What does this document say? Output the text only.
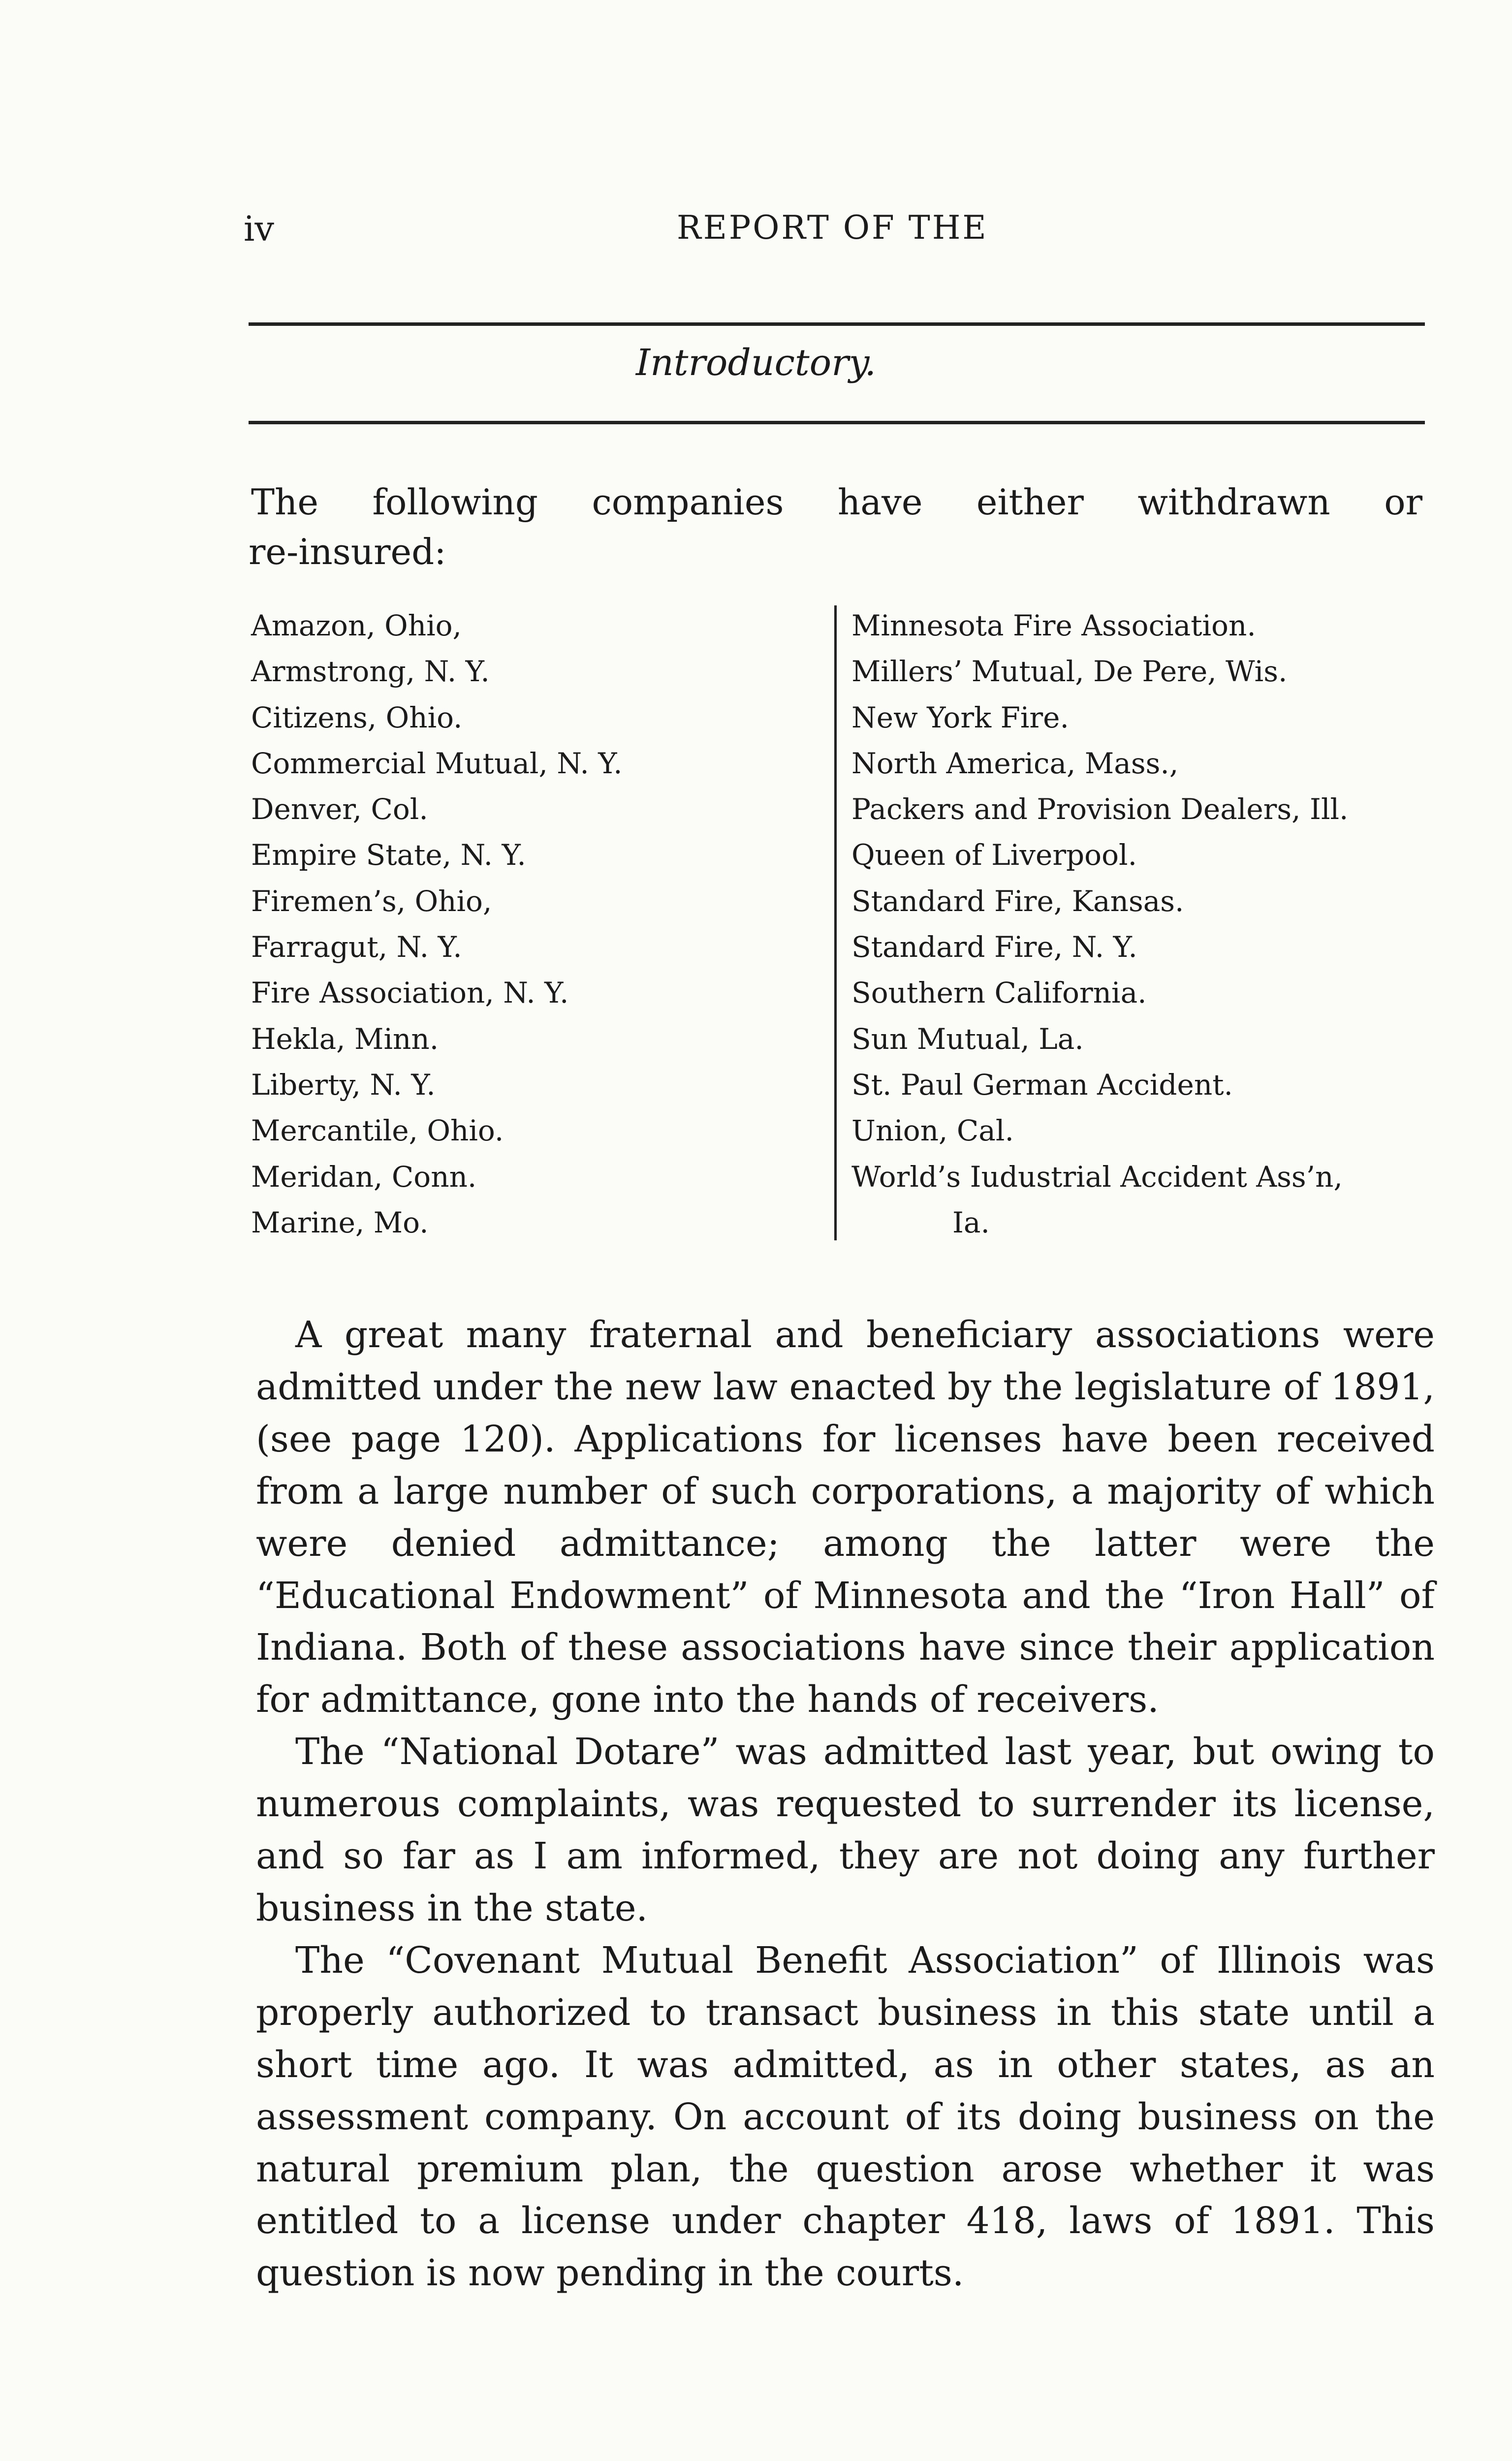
iv	REPORT OF THE
Introductory.

The following companies have either withdrawn or

re-insured:

Amazon, Ohio,
Armstrong, N. Y.
Citizens, Ohio.
Commercial Mutual, N. Y.
Denver, Col.
Empire State, N. Y.
Firemen’s, Ohio,
Farragut, N. Y.
Fire Association, N. Y.
Hekla, Minn.
Liberty, N. Y.
Mercantile, Ohio.
Meridan, Conn.
Marine, Mo.
Minnesota Fire Association.
Millers’ Mutual, De Pere, Wis.
New York Fire.
North America, Mass.,
Packers and Provision Dealers, Ill.
Queen of Liverpool.
Standard Fire, Kansas.
Standard Fire, N. Y.
Southern California.
Sun Mutual, La.
St. Paul German Accident.
Union, Cal.
World’s Iudustrial Accident Ass’n,
Ia.

A great many fraternal and beneficiary associations were admitted under the new law enacted by the legislature of 1891, (see page 120). Applications for licenses have been received from a large number of such corporations, a majority of which were denied admittance; among the latter were the “Educational Endowment” of Minnesota and the “Iron Hall” of Indiana. Both of these associations have since their application for admittance, gone into the hands of receivers.

The “National Dotare” was admitted last year, but owing to numerous complaints, was requested to surrender its license, and so far as I am informed, they are not doing any further business in the state.

The “Covenant Mutual Benefit Association” of Illinois was properly authorized to transact business in this state until a short time ago. It was admitted, as in other states, as an assessment company. On account of its doing business on the natural premium plan, the question arose whether it was entitled to a license under chapter 418, laws of 1891. This question is now pending in the courts.
